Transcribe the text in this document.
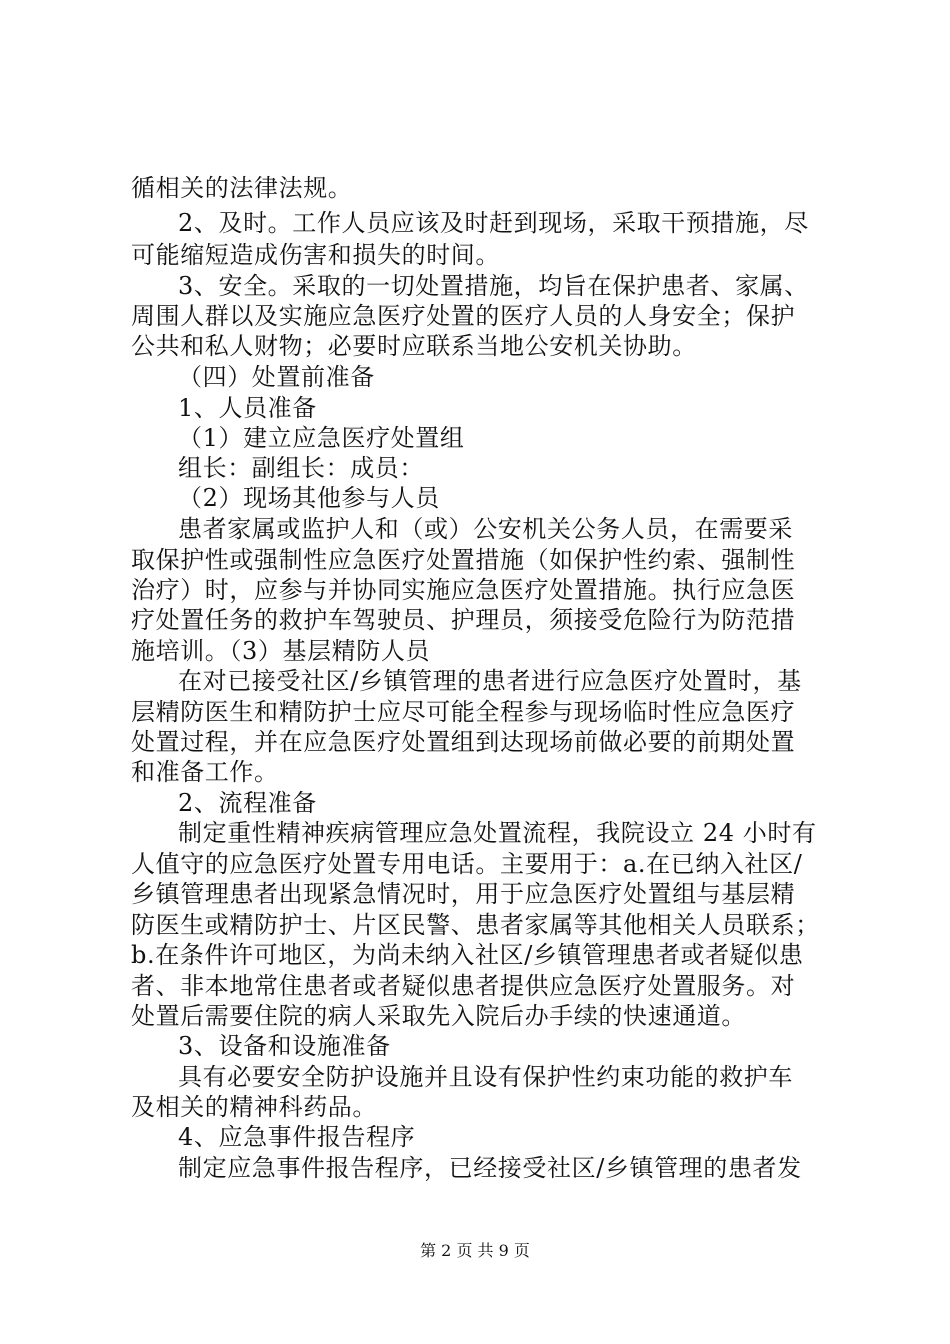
循相关的法律法规。
2、及时。工作人员应该及时赶到现场，采取干预措施，尽
可能缩短造成伤害和损失的时间。
3、安全。采取的一切处置措施，均旨在保护患者、家属、
周围人群以及实施应急医疗处置的医疗人员的人身安全；保护
公共和私人财物；必要时应联系当地公安机关协助。
（四）处置前准备
1、人员准备
（1）建立应急医疗处置组
组长：副组长：成员：
（2）现场其他参与人员
患者家属或监护人和（或）公安机关公务人员，在需要采
取保护性或强制性应急医疗处置措施（如保护性约索、强制性
治疗）时，应参与并协同实施应急医疗处置措施。执行应急医
疗处置任务的救护车驾驶员、护理员，须接受危险行为防范措
施培训。（3）基层精防人员
在对已接受社区/乡镇管理的患者进行应急医疗处置时，基
层精防医生和精防护士应尽可能全程参与现场临时性应急医疗
处置过程，并在应急医疗处置组到达现场前做必要的前期处置
和准备工作。
2、流程准备
制定重性精神疾病管理应急处置流程，我院设立 24 小时有
人值守的应急医疗处置专用电话。主要用于：a.在已纳入社区/
乡镇管理患者出现紧急情况时，用于应急医疗处置组与基层精
防医生或精防护士、片区民警、患者家属等其他相关人员联系；
b.在条件许可地区，为尚未纳入社区/乡镇管理患者或者疑似患
者、非本地常住患者或者疑似患者提供应急医疗处置服务。对
处置后需要住院的病人采取先入院后办手续的快速通道。
3、设备和设施准备
具有必要安全防护设施并且设有保护性约束功能的救护车
及相关的精神科药品。
4、应急事件报告程序
制定应急事件报告程序，已经接受社区/乡镇管理的患者发
第 2 页 共 9 页
